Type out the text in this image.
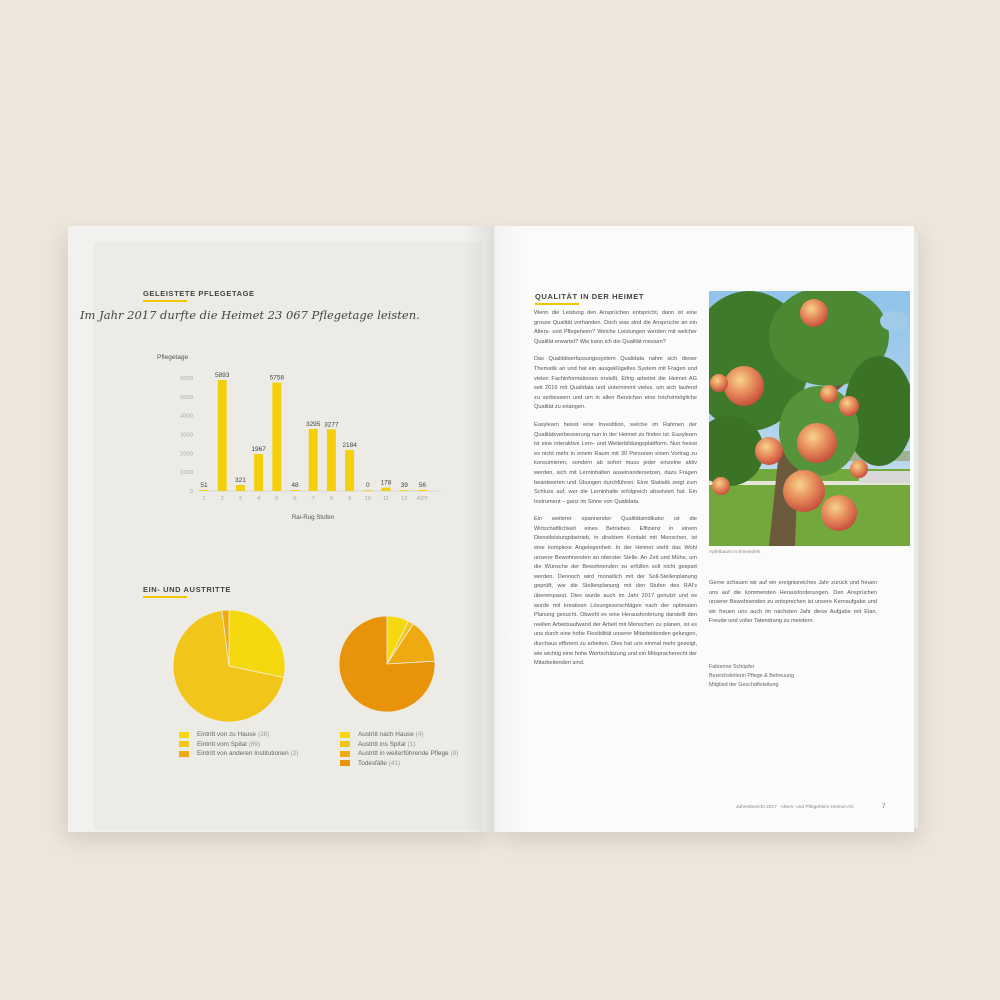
GELEISTETE PFLEGETAGE
Im Jahr 2017 durfte die Heimet 23 067 Pflegetage leisten.
Pflegetage
Rai-Rug Stufen
0
1000
2000
3000
4000
5000
6000
51
1
5893
2
321
3
1967
4
5758
5
48
6
3295
7
3277
8
2184
9
0
10
178
11
39
12
56
ADT
EIN- UND AUSTRITTE
Eintritt von zu Hause (28)
Eintritt vom Spital (69)
Eintritt von anderen Institutionen (2)
Austritt nach Hause (4)
Austritt ins Spital (1)
Austritt in weiterführende Pflege (8)
Todesfälle (41)
QUALITÄT IN DER HEIMET

Wenn die Leistung den Ansprüchen entspricht, dann ist eine grosse Qualität vorhanden. Doch was sind die Ansprüche an ein Alters- und Pflegeheim? Welche Leistungen werden mit welcher Qualität erwartet? Wie kann ich die Qualität messen?

Das Qualitätserfassungssystem Qualidata nahm sich dieser Thematik an und hat ein ausgeklügeltes System mit Fragen und vielen Fachinformationen erstellt. Eifrig arbeitet die Heimet AG seit 2016 mit Qualidata und unternimmt vieles, um sich laufend zu verbessern und um in allen Bereichen eine höchstmögliche Qualität zu erlangen.

Easylearn heisst eine Investition, welche im Rahmen der Qualitätsverbesserung nun in der Heimet zu finden ist. Easylearn ist eine interaktive Lern- und Weiterbildungsplattform. Nun heisst es nicht mehr in einem Raum mit 30 Personen einen Vortrag zu konsumieren, sondern ab sofort muss jeder einzelne aktiv werden, sich mit Lerninhalten auseinandersetzen, dazu Fragen beantworten und Übungen durchführen. Eine Statistik zeigt zum Schluss auf, wer die Lerninhalte erfolgreich absolviert hat. Ein Instrument – ganz im Sinne von Qualidata.

Ein weiterer spannender Qualitätsindikator ist die Wirtschaftlichkeit eines Betriebes. Effizienz in einem Dienstleistungsbetrieb, in direktem Kontakt mit Menschen, ist eine komplexe Angelegenheit. In der Heimet steht das Wohl unserer Bewohnenden an oberster Stelle. An Zeit und Mühe, um die Wünsche der Bewohnenden zu erfüllen soll nicht gespart werden. Dennoch wird monatlich mit der Soll-Stellenplanung geprüft, wie die Stellenplanung mit den Stufen des RAI's übereinpasst. Dies wurde auch im Jahr 2017 genutzt und es wurde mit kreativen Lösungsvorschlägen nach der optimalen Planung gesucht. Obwohl es eine Herausforderung darstellt den reellen Arbeitsaufwand der Arbeit mit Menschen zu planen, ist es uns durch eine hohe Flexibilität unserer Mitarbeitenden gelungen, durchaus effizient zu arbeiten. Dies hat uns einmal mehr gezeigt, wie wichtig eine hohe Wertschätzung und ein Mitspracherecht der Mitarbeitenden sind.

Apfelbaum in Einsiedeln

Gerne schauen wir auf ein ereignisreiches Jahr zurück und freuen uns auf die kommenden Herausforderungen. Den Ansprüchen unserer Bewohnenden zu entsprechen ist unsere Kernaufgabe und wir freuen uns auch im nächsten Jahr diese Aufgabe mit Elan, Freude und voller Tatendrang zu meistern.

Fabienne Schüpfer
Bereichsleiterin Pflege & Betreuung
Mitglied der Geschäftsleitung
Jahresbericht 2017 · Alters- und Pflegeheim Heimet AG	7
